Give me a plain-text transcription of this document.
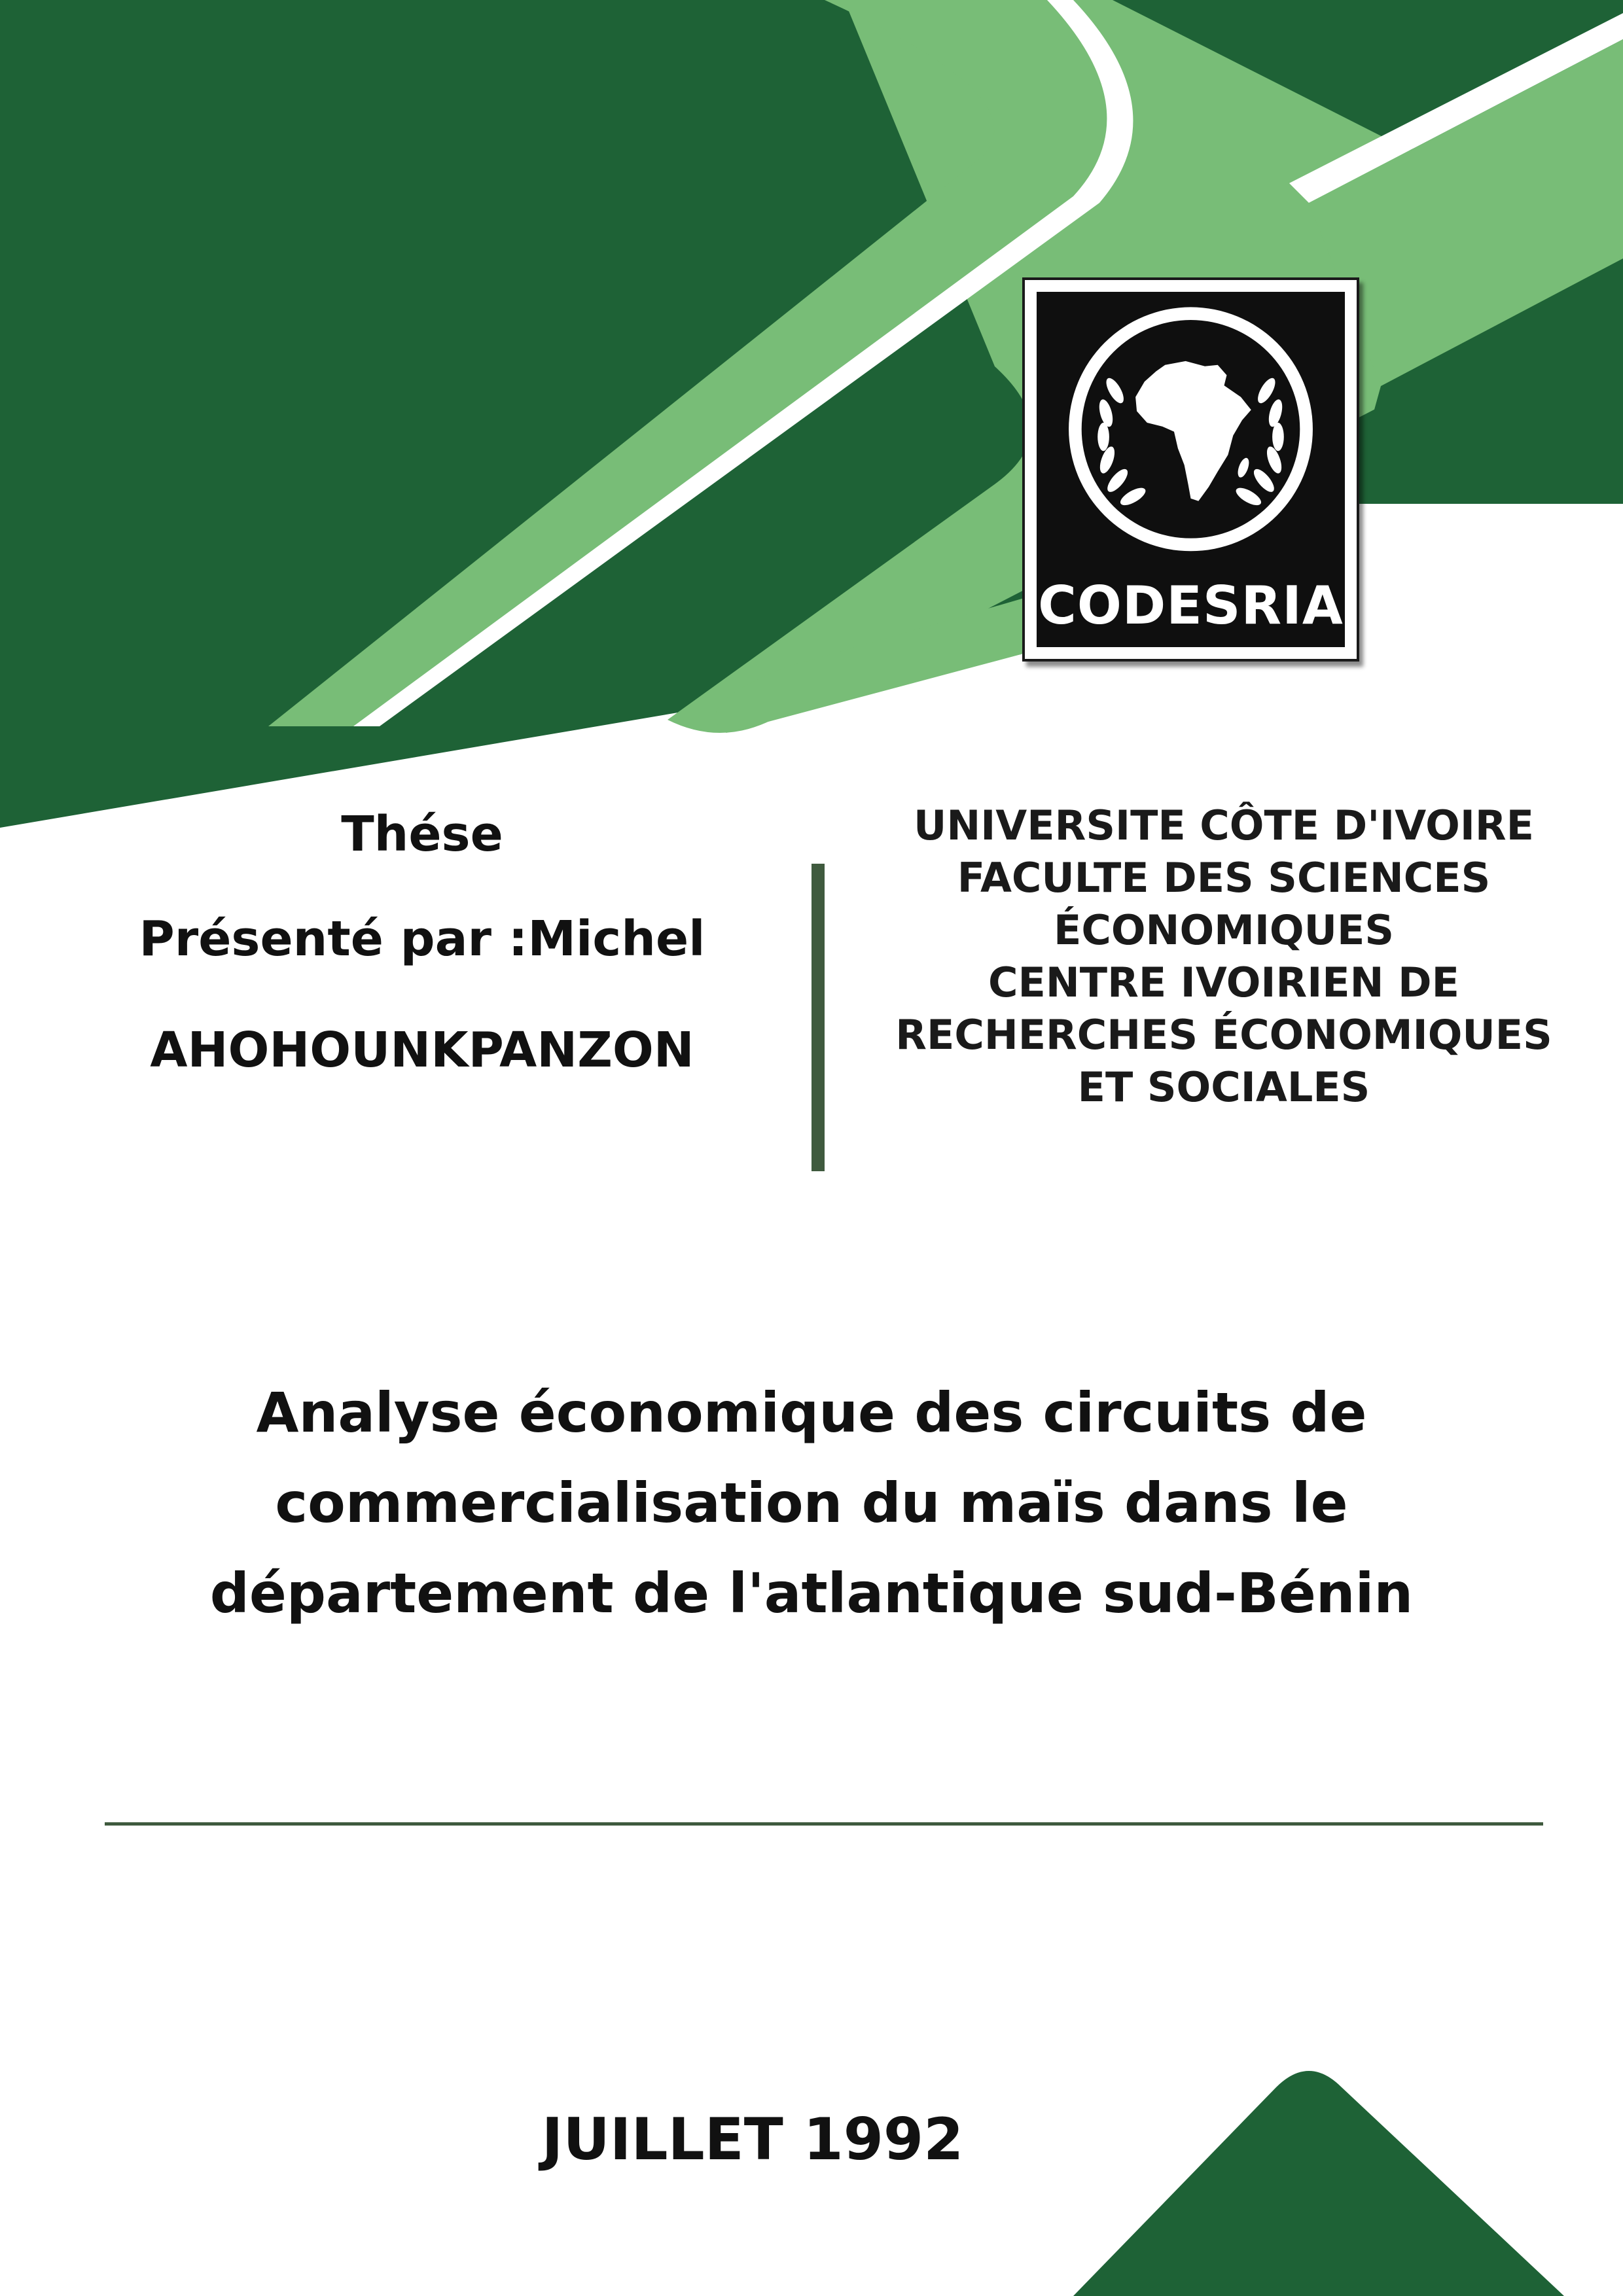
CODESRIA
Thése
Présenté par :Michel
AHOHOUNKPANZON
UNIVERSITE CÔTE D'IVOIRE
FACULTE DES SCIENCES
ÉCONOMIQUES
CENTRE IVOIRIEN DE
RECHERCHES ÉCONOMIQUES
ET SOCIALES
Analyse économique des circuits de
commercialisation du maïs dans le
département de l'atlantique sud-Bénin
JUILLET 1992
